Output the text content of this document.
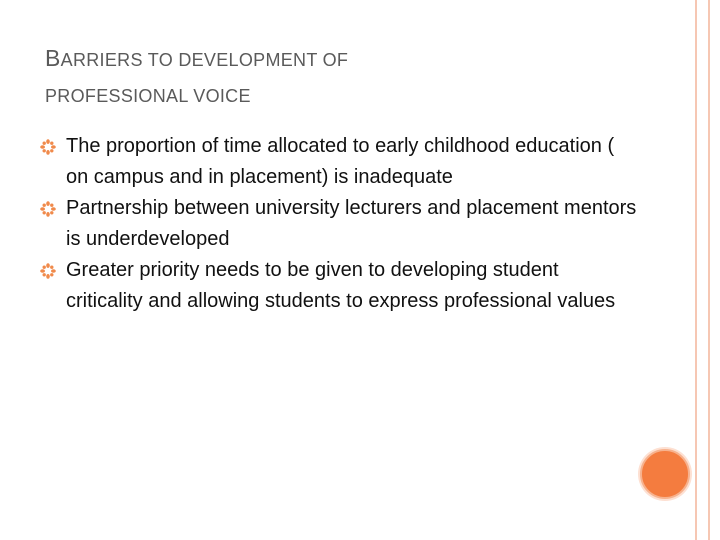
BARRIERS TO DEVELOPMENT OF
PROFESSIONAL VOICE
The proportion of time allocated to early childhood education ( on campus and in placement) is inadequate
Partnership between university lecturers and placement mentors is underdeveloped
Greater priority needs to be given to developing student criticality and allowing students to express professional values
